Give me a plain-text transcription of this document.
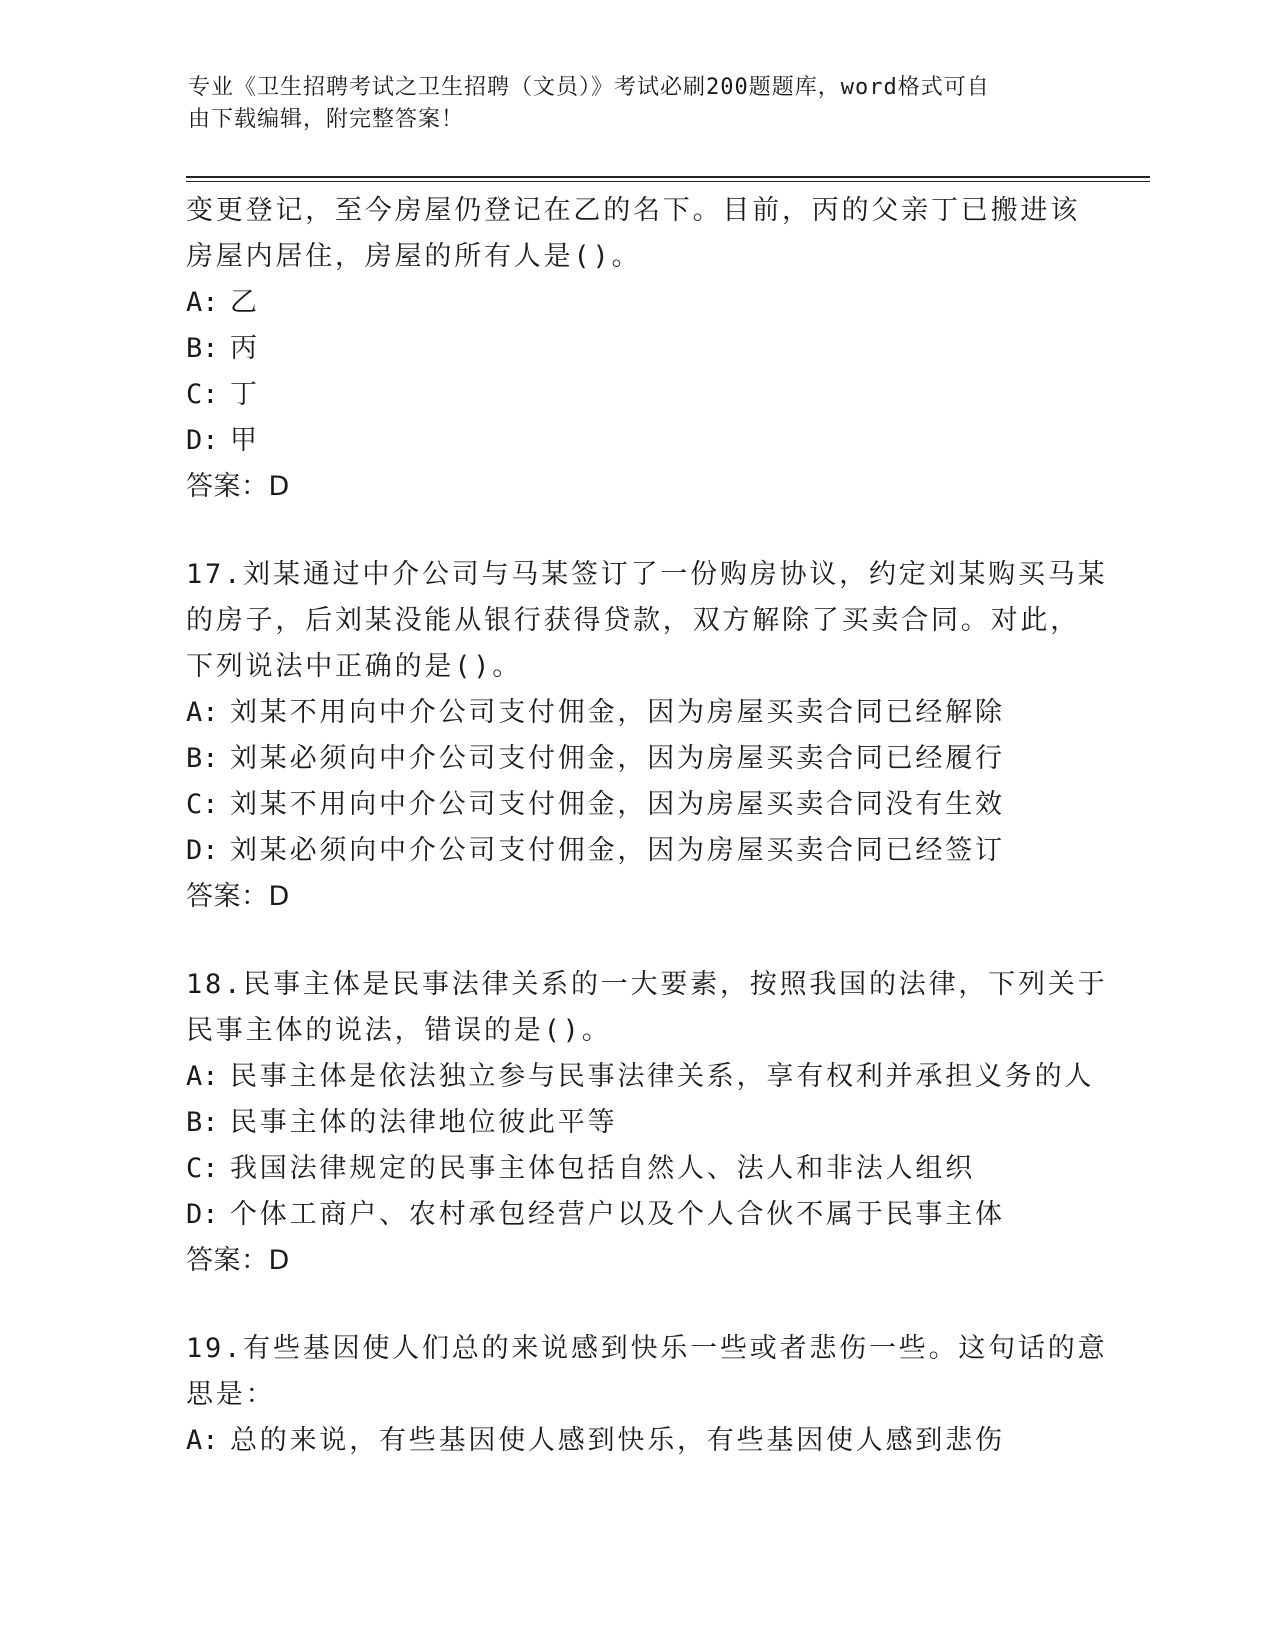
专业《卫生招聘考试之卫生招聘（文员）》考试必刷200题题库，word格式可自
由下载编辑，附完整答案！
变更登记，至今房屋仍登记在乙的名下。目前，丙的父亲丁已搬进该
房屋内居住，房屋的所有人是()。
A: 乙
B: 丙
C: 丁
D: 甲
答案：D
17.刘某通过中介公司与马某签订了一份购房协议，约定刘某购买马某
的房子，后刘某没能从银行获得贷款，双方解除了买卖合同。对此，
下列说法中正确的是()。
A: 刘某不用向中介公司支付佣金，因为房屋买卖合同已经解除
B: 刘某必须向中介公司支付佣金，因为房屋买卖合同已经履行
C: 刘某不用向中介公司支付佣金，因为房屋买卖合同没有生效
D: 刘某必须向中介公司支付佣金，因为房屋买卖合同已经签订
答案：D
18.民事主体是民事法律关系的一大要素，按照我国的法律，下列关于
民事主体的说法，错误的是()。
A: 民事主体是依法独立参与民事法律关系，享有权利并承担义务的人
B: 民事主体的法律地位彼此平等
C: 我国法律规定的民事主体包括自然人、法人和非法人组织
D: 个体工商户、农村承包经营户以及个人合伙不属于民事主体
答案：D
19.有些基因使人们总的来说感到快乐一些或者悲伤一些。这句话的意
思是：
A: 总的来说，有些基因使人感到快乐，有些基因使人感到悲伤
